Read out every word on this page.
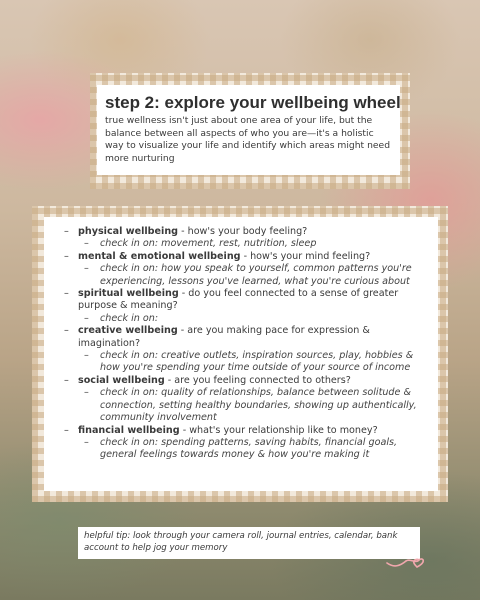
step 2: explore your wellbeing wheel
true wellness isn't just about one area of your life, but the balance between all aspects of who you are—it's a holistic way to visualize your life and identify which areas might need more nurturing
– physical wellbeing - how's your body feeling?
– check in on: movement, rest, nutrition, sleep
– mental & emotional wellbeing - how's your mind feeling?
– check in on: how you speak to yourself, common patterns you're experiencing, lessons you've learned, what you're curious about
– spiritual wellbeing - do you feel connected to a sense of greater purpose & meaning?
– check in on:
– creative wellbeing - are you making pace for expression & imagination?
– check in on: creative outlets, inspiration sources, play, hobbies & how you're spending your time outside of your source of income
– social wellbeing - are you feeling connected to others?
– check in on: quality of relationships, balance between solitude & connection, setting healthy boundaries, showing up authentically, community involvement
– financial wellbeing - what's your relationship like to money?
– check in on: spending patterns, saving habits, financial goals, general feelings towards money & how you're making it
helpful tip: look through your camera roll, journal entries, calendar, bank account to help jog your memory
